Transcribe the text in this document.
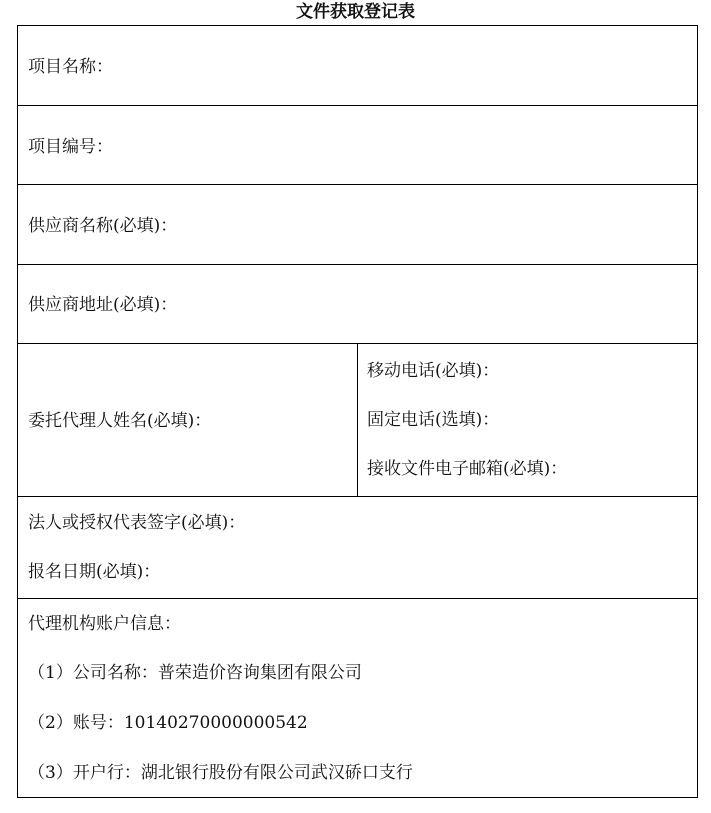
文件获取登记表
项目名称：
项目编号：
供应商名称(必填)：
供应商地址(必填)：
委托代理人姓名(必填)：
移动电话(必填)：
固定电话(选填)：
接收文件电子邮箱(必填)：
法人或授权代表签字(必填)：
报名日期(必填)：
代理机构账户信息：
（1）公司名称：普荣造价咨询集团有限公司
（2）账号：10140270000000542
（3）开户行：湖北银行股份有限公司武汉硚口支行
